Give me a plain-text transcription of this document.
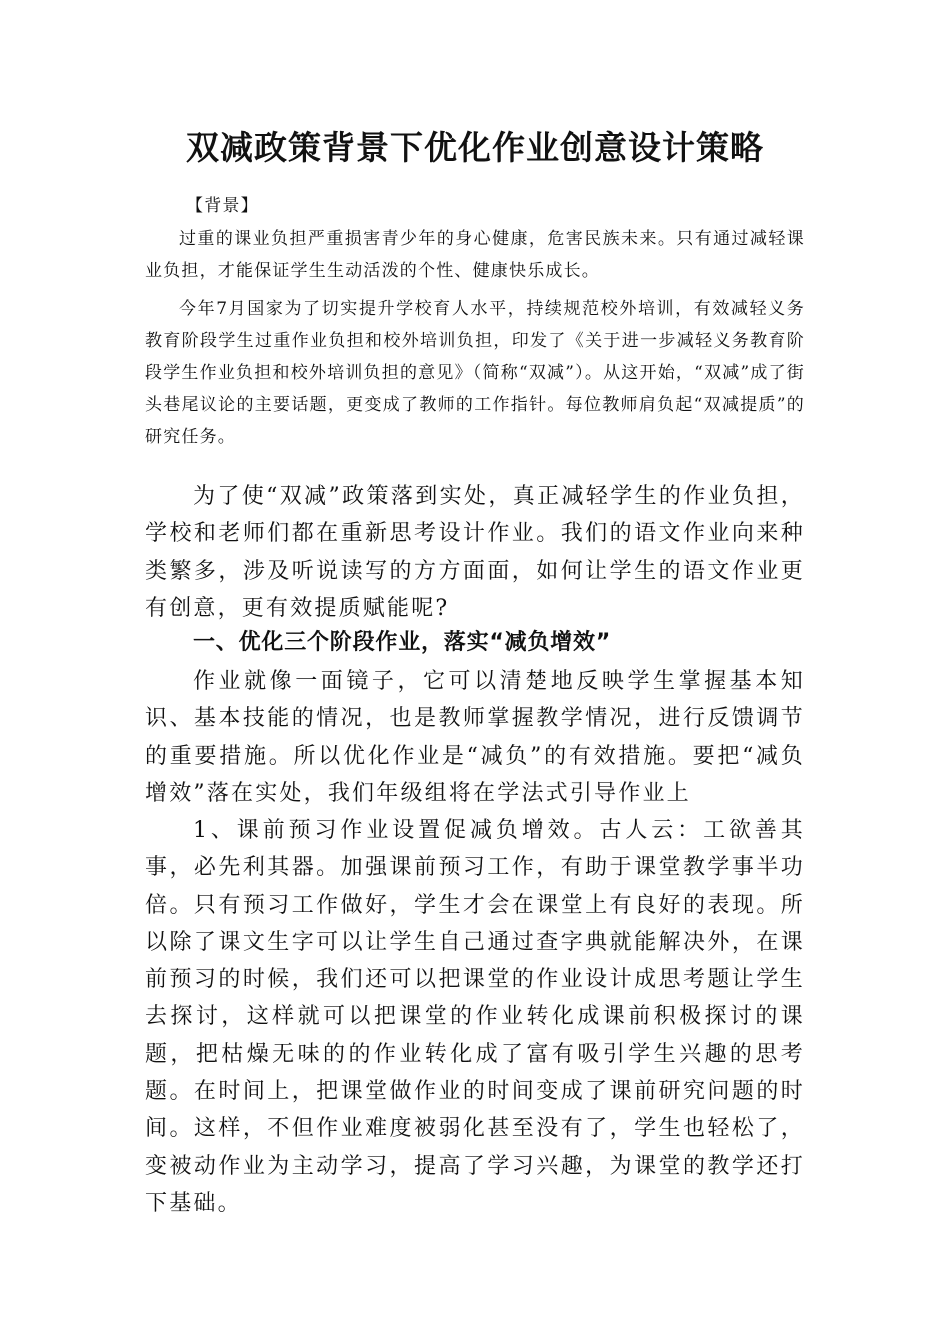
双减政策背景下优化作业创意设计策略

【背景】

过重的课业负担严重损害青少年的身心健康，危害民族未来。只有通过减轻课业负担，才能保证学生生动活泼的个性、健康快乐成长。

今年7月国家为了切实提升学校育人水平，持续规范校外培训，有效减轻义务教育阶段学生过重作业负担和校外培训负担，印发了《关于进一步减轻义务教育阶段学生作业负担和校外培训负担的意见》（简称“双减”）。从这开始，“双减”成了街头巷尾议论的主要话题，更变成了教师的工作指针。每位教师肩负起“双减提质”的研究任务。

为了使“双减”政策落到实处，真正减轻学生的作业负担，学校和老师们都在重新思考设计作业。我们的语文作业向来种类繁多，涉及听说读写的方方面面，如何让学生的语文作业更有创意，更有效提质赋能呢?

一、优化三个阶段作业，落实“减负增效”

作业就像一面镜子，它可以清楚地反映学生掌握基本知识、基本技能的情况，也是教师掌握教学情况，进行反馈调节的重要措施。所以优化作业是“减负”的有效措施。要把“减负增效”落在实处，我们年级组将在学法式引导作业上

1、课前预习作业设置促减负增效。古人云：工欲善其事，必先利其器。加强课前预习工作，有助于课堂教学事半功倍。只有预习工作做好，学生才会在课堂上有良好的表现。所以除了课文生字可以让学生自己通过查字典就能解决外，在课前预习的时候，我们还可以把课堂的作业设计成思考题让学生去探讨，这样就可以把课堂的作业转化成课前积极探讨的课题，把枯燥无味的的作业转化成了富有吸引学生兴趣的思考题。在时间上，把课堂做作业的时间变成了课前研究问题的时间。这样，不但作业难度被弱化甚至没有了，学生也轻松了，变被动作业为主动学习，提高了学习兴趣，为课堂的教学还打下基础。
